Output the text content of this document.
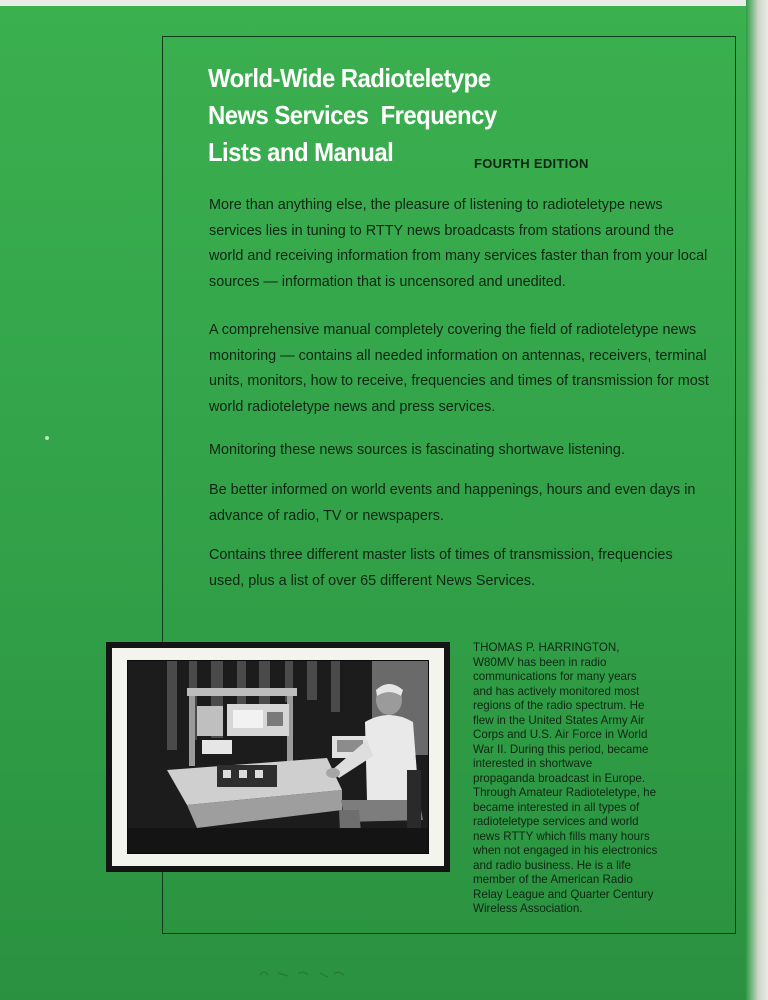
World-Wide Radioteletype
News Services  Frequency
Lists and Manual	FOURTH EDITION
More than anything else, the pleasure of listening to radioteletype news services lies in tuning to RTTY news broadcasts from stations around the world and receiving information from many services faster than from your local sources — information that is uncensored and unedited.
A comprehensive manual completely covering the field of radioteletype news monitoring — contains all needed information on antennas, receivers, terminal units, monitors, how to receive, frequencies and times of transmission for most world radioteletype news and press services.
Monitoring these news sources is fascinating shortwave listening.
Be better informed on world events and happenings, hours and even days in advance of radio, TV or newspapers.
Contains three different master lists of times of transmission, frequencies used, plus a list of over 65 different News Services.
THOMAS P. HARRINGTON,
W80MV has been in radio
communications for many years
and has actively monitored most
regions of the radio spectrum. He
flew in the United States Army Air
Corps and U.S. Air Force in World
War II. During this period, became
interested in shortwave
propaganda broadcast in Europe.
Through Amateur Radioteletype, he
became interested in all types of
radioteletype services and world
news RTTY which fills many hours
when not engaged in his electronics
and radio business. He is a life
member of the American Radio
Relay League and Quarter Century
Wireless Association.
